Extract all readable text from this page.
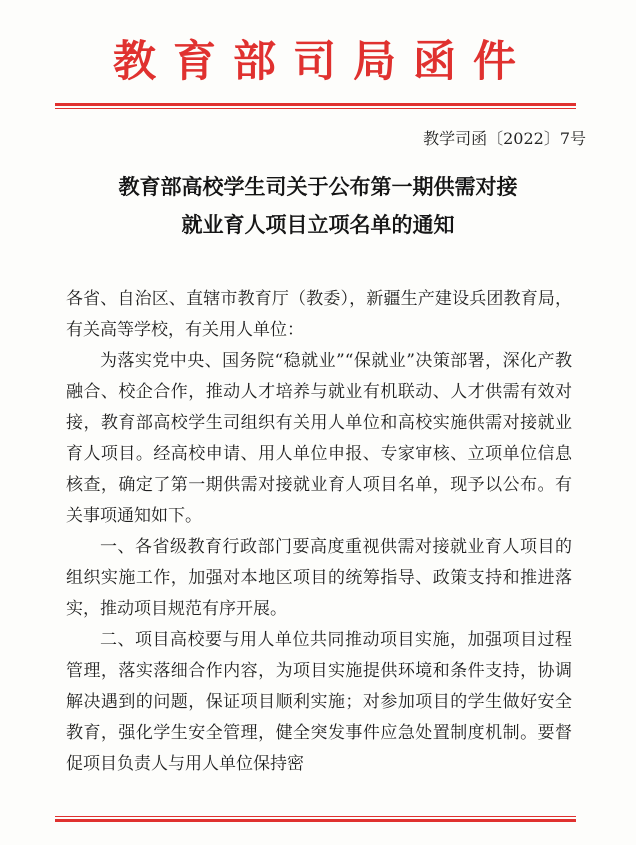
教育部司局函件
教学司函〔2022〕7号
教育部高校学生司关于公布第一期供需对接
就业育人项目立项名单的通知

各省、自治区、直辖市教育厅（教委），新疆生产建设兵团教育局，有关高等学校，有关用人单位：

为落实党中央、国务院“稳就业”“保就业”决策部署，深化产教融合、校企合作，推动人才培养与就业有机联动、人才供需有效对接，教育部高校学生司组织有关用人单位和高校实施供需对接就业育人项目。经高校申请、用人单位申报、专家审核、立项单位信息核查，确定了第一期供需对接就业育人项目名单，现予以公布。有关事项通知如下。

一、各省级教育行政部门要高度重视供需对接就业育人项目的组织实施工作，加强对本地区项目的统筹指导、政策支持和推进落实，推动项目规范有序开展。

二、项目高校要与用人单位共同推动项目实施，加强项目过程管理，落实落细合作内容，为项目实施提供环境和条件支持，协调解决遇到的问题，保证项目顺利实施；对参加项目的学生做好安全教育，强化学生安全管理，健全突发事件应急处置制度机制。要督促项目负责人与用人单位保持密
